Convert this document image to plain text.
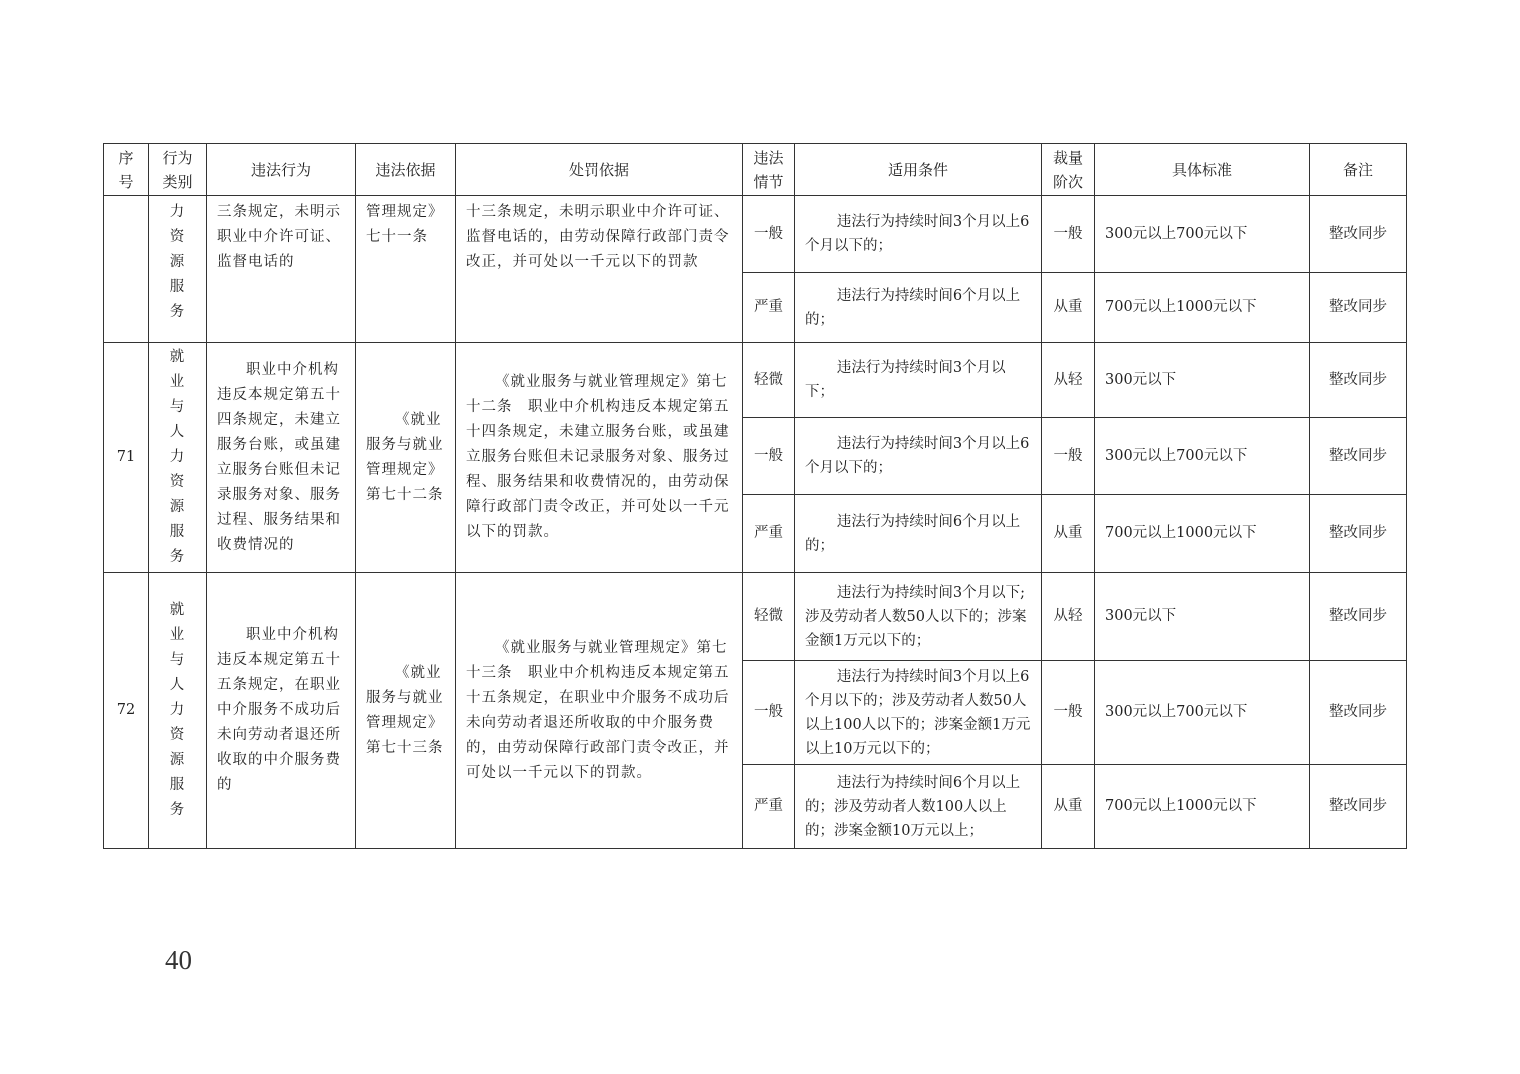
序号	行为类别	违法行为	违法依据	处罚依据	违法情节	适用条件	裁量阶次	具体标准	备注
	力资源服务	三条规定，未明示职业中介许可证、监督电话的	管理规定》七十一条	十三条规定，未明示职业中介许可证、监督电话的，由劳动保障行政部门责令改正，并可处以一千元以下的罚款	一般	违法行为持续时间3个月以上6个月以下的；	一般	300元以上700元以下	整改同步
					严重	违法行为持续时间6个月以上的；	从重	700元以上1000元以下	整改同步
71	就业与人力资源服务	职业中介机构违反本规定第五十四条规定，未建立服务台账，或虽建立服务台账但未记录服务对象、服务过程、服务结果和收费情况的	《就业服务与就业管理规定》第七十二条	《就业服务与就业管理规定》第七十二条　职业中介机构违反本规定第五十四条规定，未建立服务台账，或虽建立服务台账但未记录服务对象、服务过程、服务结果和收费情况的，由劳动保障行政部门责令改正，并可处以一千元以下的罚款。	轻微	违法行为持续时间3个月以下；	从轻	300元以下	整改同步
					一般	违法行为持续时间3个月以上6个月以下的；	一般	300元以上700元以下	整改同步
					严重	违法行为持续时间6个月以上的；	从重	700元以上1000元以下	整改同步
72	就业与人力资源服务	职业中介机构违反本规定第五十五条规定，在职业中介服务不成功后未向劳动者退还所收取的中介服务费的	《就业服务与就业管理规定》第七十三条	《就业服务与就业管理规定》第七十三条　职业中介机构违反本规定第五十五条规定，在职业中介服务不成功后未向劳动者退还所收取的中介服务费的，由劳动保障行政部门责令改正，并可处以一千元以下的罚款。	轻微	违法行为持续时间3个月以下;涉及劳动者人数50人以下的；涉案金额1万元以下的；	从轻	300元以下	整改同步
					一般	违法行为持续时间3个月以上6个月以下的；涉及劳动者人数50人以上100人以下的；涉案金额1万元以上10万元以下的；	一般	300元以上700元以下	整改同步
					严重	违法行为持续时间6个月以上的；涉及劳动者人数100人以上的；涉案金额10万元以上；	从重	700元以上1000元以下	整改同步
40
